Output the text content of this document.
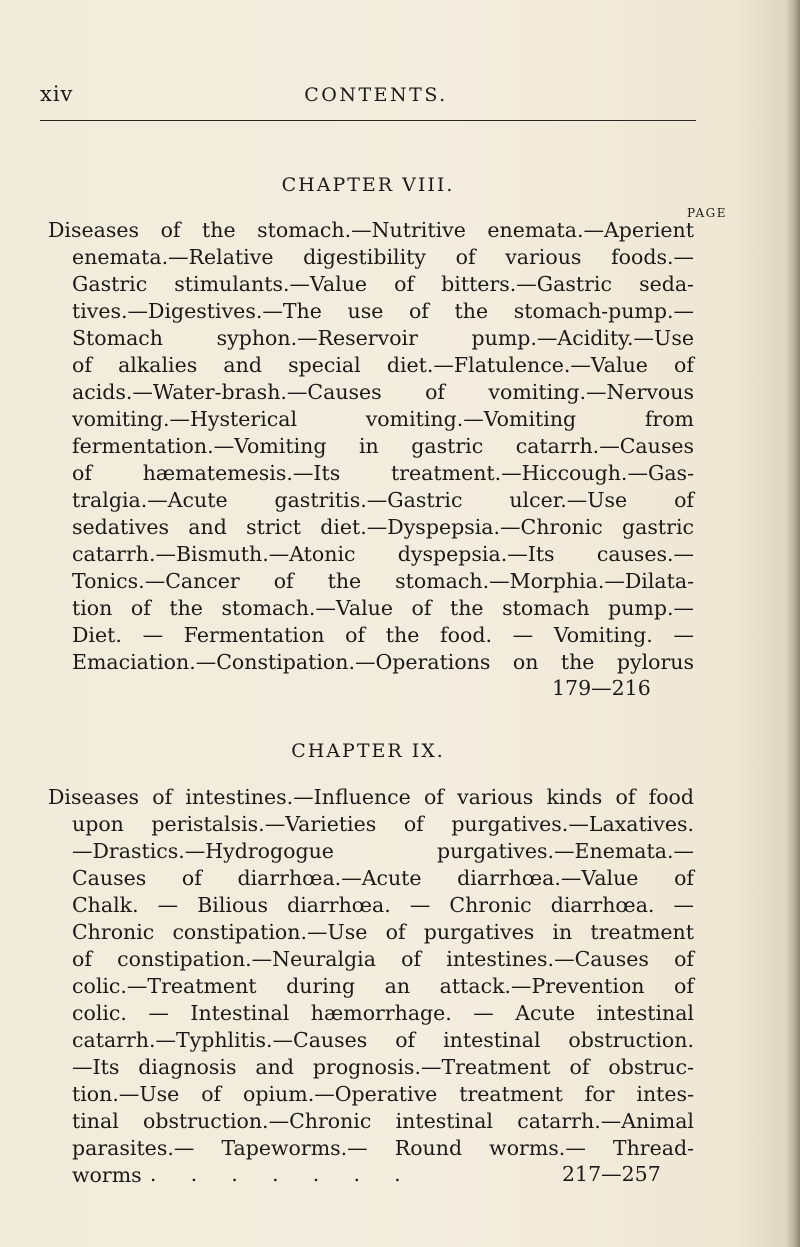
xiv	CONTENTS.
CHAPTER VIII.
PAGE
Diseases of the stomach.—Nutritive enemata.—Aperient
enemata.—Relative digestibility of various foods.—
Gastric stimulants.—Value of bitters.—Gastric seda-
tives.—Digestives.—The use of the stomach-pump.—
Stomach syphon.—Reservoir pump.—Acidity.—Use
of alkalies and special diet.—Flatulence.—Value of
acids.—Water-brash.—Causes of vomiting.—Nervous
vomiting.—Hysterical vomiting.—Vomiting from
fermentation.—Vomiting in gastric catarrh.—Causes
of hæmatemesis.—Its treatment.—Hiccough.—Gas-
tralgia.—Acute gastritis.—Gastric ulcer.—Use of
sedatives and strict diet.—Dyspepsia.—Chronic gastric
catarrh.—Bismuth.—Atonic dyspepsia.—Its causes.—
Tonics.—Cancer of the stomach.—Morphia.—Dilata-
tion of the stomach.—Value of the stomach pump.—
Diet. — Fermentation of the food. — Vomiting. —
Emaciation.—Constipation.—Operations on the pylorus
179—216
CHAPTER IX.
Diseases of intestines.—Influence of various kinds of food
upon peristalsis.—Varieties of purgatives.—Laxatives.
—Drastics.—Hydrogogue purgatives.—Enemata.—
Causes of diarrhœa.—Acute diarrhœa.—Value of
Chalk. — Bilious diarrhœa. — Chronic diarrhœa. —
Chronic constipation.—Use of purgatives in treatment
of constipation.—Neuralgia of intestines.—Causes of
colic.—Treatment during an attack.—Prevention of
colic. — Intestinal hæmorrhage. — Acute intestinal
catarrh.—Typhlitis.—Causes of intestinal obstruction.
—Its diagnosis and prognosis.—Treatment of obstruc-
tion.—Use of opium.—Operative treatment for intes-
tinal obstruction.—Chronic intestinal catarrh.—Animal
parasites.— Tapeworms.— Round worms.— Thread-
worms . . . . . . .	217—257
